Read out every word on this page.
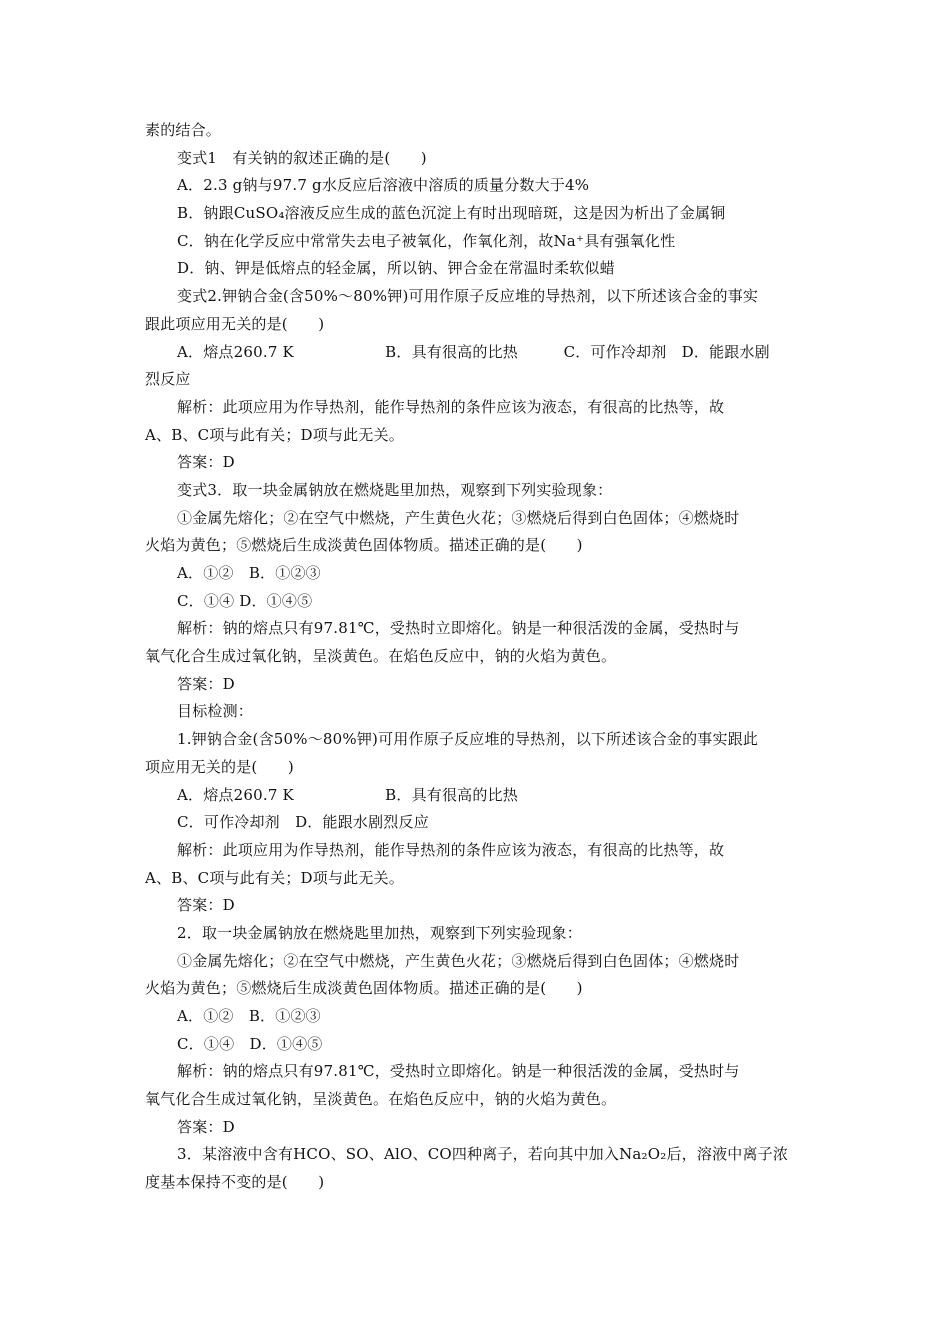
素的结合。
变式1　有关钠的叙述正确的是(　　)
A．2.3 g钠与97.7 g水反应后溶液中溶质的质量分数大于4%
B．钠跟CuSO₄溶液反应生成的蓝色沉淀上有时出现暗斑，这是因为析出了金属铜
C．钠在化学反应中常常失去电子被氧化，作氧化剂，故Na⁺具有强氧化性
D．钠、钾是低熔点的轻金属，所以钠、钾合金在常温时柔软似蜡
变式2.钾钠合金(含50%～80%钾)可用作原子反应堆的导热剂，以下所述该合金的事实
跟此项应用无关的是(　　)
A．熔点260.7 K　　　　　　B．具有很高的比热　　　C．可作冷却剂　D．能跟水剧
烈反应
解析：此项应用为作导热剂，能作导热剂的条件应该为液态，有很高的比热等，故
A、B、C项与此有关；D项与此无关。
答案：D
变式3．取一块金属钠放在燃烧匙里加热，观察到下列实验现象：
①金属先熔化；②在空气中燃烧，产生黄色火花；③燃烧后得到白色固体；④燃烧时
火焰为黄色；⑤燃烧后生成淡黄色固体物质。描述正确的是(　　)
A．①②　B．①②③
C．①④ D．①④⑤
解析：钠的熔点只有97.81℃，受热时立即熔化。钠是一种很活泼的金属，受热时与
氧气化合生成过氧化钠，呈淡黄色。在焰色反应中，钠的火焰为黄色。
答案：D
目标检测：
1.钾钠合金(含50%～80%钾)可用作原子反应堆的导热剂，以下所述该合金的事实跟此
项应用无关的是(　　)
A．熔点260.7 K　　　　　　B．具有很高的比热
C．可作冷却剂　D．能跟水剧烈反应
解析：此项应用为作导热剂，能作导热剂的条件应该为液态，有很高的比热等，故
A、B、C项与此有关；D项与此无关。
答案：D
2．取一块金属钠放在燃烧匙里加热，观察到下列实验现象：
①金属先熔化；②在空气中燃烧，产生黄色火花；③燃烧后得到白色固体；④燃烧时
火焰为黄色；⑤燃烧后生成淡黄色固体物质。描述正确的是(　　)
A．①②　B．①②③
C．①④　D．①④⑤
解析：钠的熔点只有97.81℃，受热时立即熔化。钠是一种很活泼的金属，受热时与
氧气化合生成过氧化钠，呈淡黄色。在焰色反应中，钠的火焰为黄色。
答案：D
3．某溶液中含有HCO、SO、AlO、CO四种离子，若向其中加入Na₂O₂后，溶液中离子浓
度基本保持不变的是(　　)
